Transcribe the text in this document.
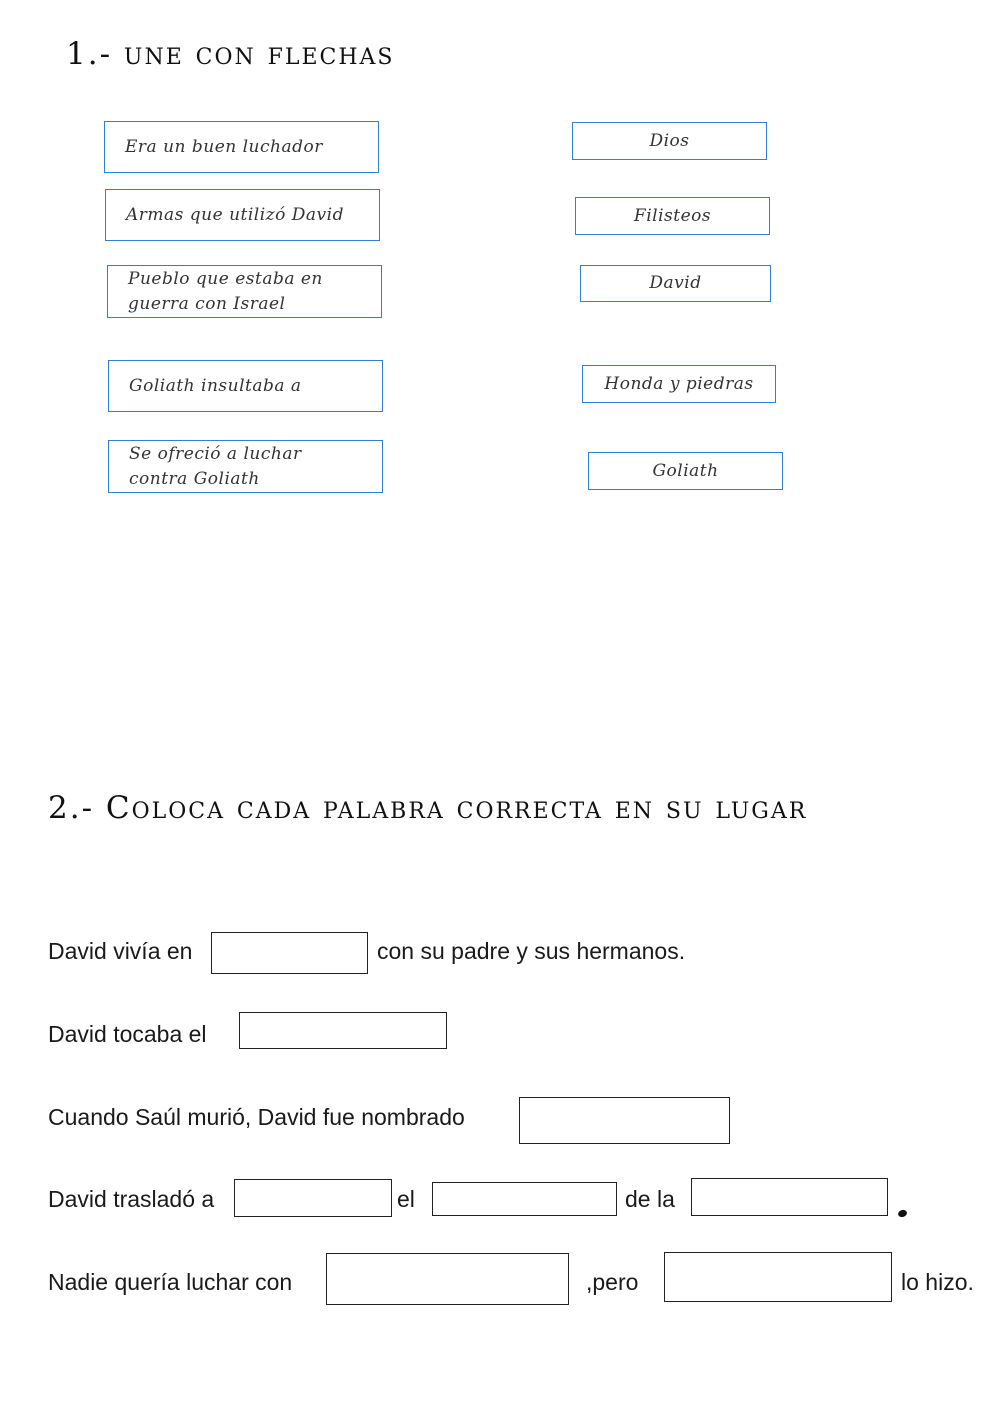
1.- une con flechas
Era un buen luchador
Armas que utilizó David
Pueblo que estaba en guerra con Israel
Goliath insultaba a
Se ofreció a luchar contra Goliath
Dios
Filisteos
David
Honda y piedras
Goliath
2.- Coloca cada palabra correcta en su lugar
David vivía en	con su padre y sus hermanos.
David tocaba el
Cuando Saúl murió, David fue nombrado
David trasladó a	el	de la
Nadie quería luchar con	,pero	lo hizo.
